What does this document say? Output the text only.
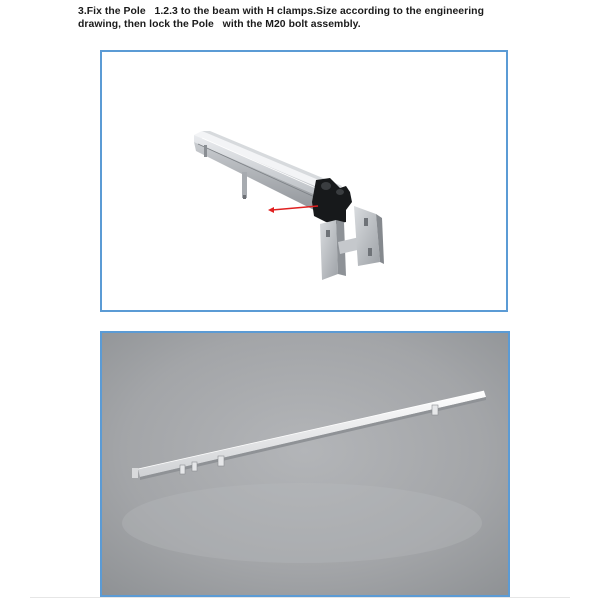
3.Fix the Pole   1.2.3 to the beam with H clamps.Size according to the engineering
drawing, then lock the Pole   with the M20 bolt assembly.
